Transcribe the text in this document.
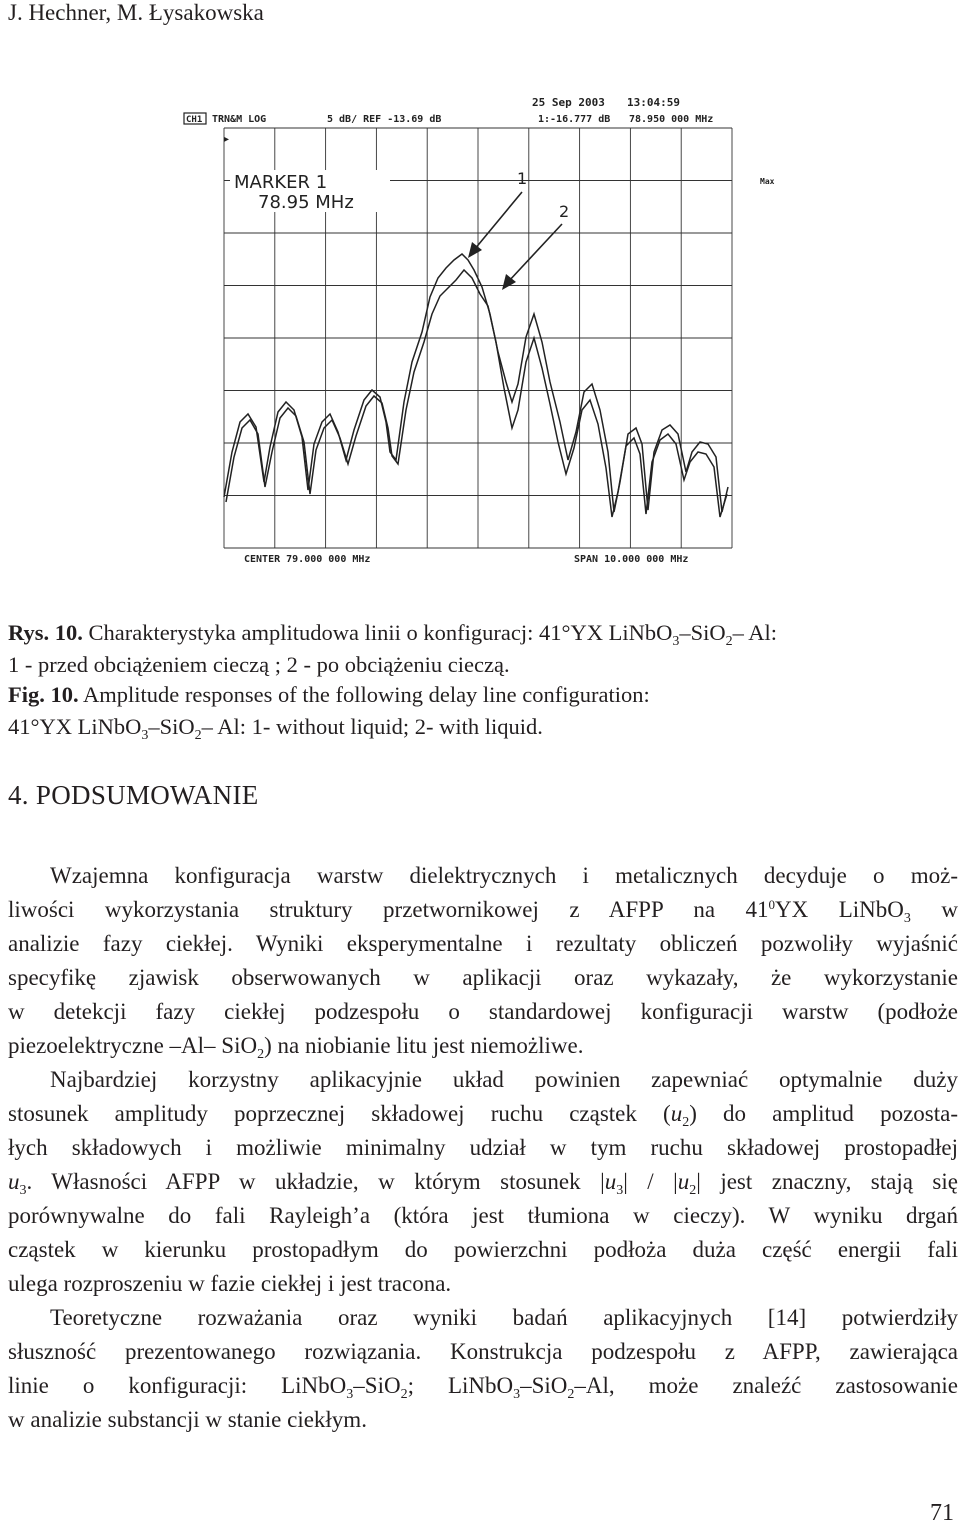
J. Hechner, M. Łysakowska
25 Sep 2003 13:04:59
CH1 TRN&M LOG	5 dB/ REF -13.69 dB	1:-16.777 dB 78.950 000 MHz
Max
▸
MARKER 1
78.95 MHz
1
2
CENTER 79.000 000 MHz	SPAN 10.000 000 MHz
Rys. 10. Charakterystyka amplitudowa linii o konfiguracj: 41°YX LiNbO$_3$–SiO$_2$– Al:
1 - przed obciążeniem cieczą ; 2 - po obciążeniu cieczą.
Fig. 10. Amplitude responses of the following delay line configuration:
41°YX LiNbO$_3$–SiO$_2$– Al: 1- without liquid; 2- with liquid.
4. PODSUMOWANIE
Wzajemna konfiguracja warstw dielektrycznych i metalicznych decyduje o moż-
liwości wykorzystania struktury przetwornikowej z AFPP na $41^0YX$ LiNbO$_3$ w
analizie fazy ciekłej. Wyniki eksperymentalne i rezultaty obliczeń pozwoliły wyjaśnić
specyfikę zjawisk obserwowanych w aplikacji oraz wykazały, że wykorzystanie
w detekcji fazy ciekłej podzespołu o standardowej konfiguracji warstw (podłoże
piezoelektryczne –Al– SiO$_2$) na niobianie litu jest niemożliwe.
Najbardziej korzystny aplikacyjnie układ powinien zapewniać optymalnie duży
stosunek amplitudy poprzecznej składowej ruchu cząstek $(u_2)$ do amplitud pozosta-
łych składowych i możliwie minimalny udział w tym ruchu składowej prostopadłej
$u_3$. Własności AFPP w układzie, w którym stosunek $|u_3| / |u_2|$ jest znaczny, stają się
porównywalne do fali Rayleigh’a (która jest tłumiona w cieczy). W wyniku drgań
cząstek w kierunku prostopadłym do powierzchni podłoża duża część energii fali
ulega rozproszeniu w fazie ciekłej i jest tracona.
Teoretyczne rozważania oraz wyniki badań aplikacyjnych [14] potwierdziły
słuszność prezentowanego rozwiązania. Konstrukcja podzespołu z AFPP, zawierająca
linie o konfiguracji: LiNbO$_3$–SiO$_2$; LiNbO$_3$–SiO$_2$–Al, może znaleźć zastosowanie
w analizie substancji w stanie ciekłym.
71
